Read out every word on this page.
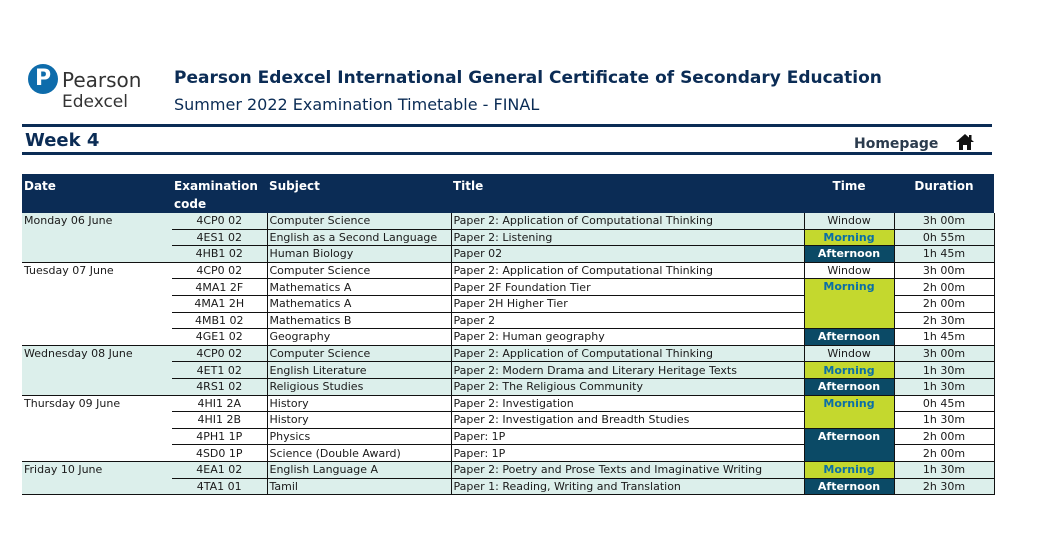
P Pearson
Edexcel
Pearson Edexcel International General Certificate of Secondary Education
Summer 2022 Examination Timetable - FINAL
Week 4	Homepage
Date	Examination code	Subject	Title	Time	Duration
Monday 06 June	4CP0 02	Computer Science	Paper 2: Application of Computational Thinking	Window	3h 00m
	4ES1 02	English as a Second Language	Paper 2: Listening	Morning	0h 55m
	4HB1 02	Human Biology	Paper 02	Afternoon	1h 45m
Tuesday 07 June	4CP0 02	Computer Science	Paper 2: Application of Computational Thinking	Window	3h 00m
	4MA1 2F	Mathematics A	Paper 2F Foundation Tier	Morning	2h 00m
	4MA1 2H	Mathematics A	Paper 2H Higher Tier		2h 00m
	4MB1 02	Mathematics B	Paper 2		2h 30m
	4GE1 02	Geography	Paper 2: Human geography	Afternoon	1h 45m
Wednesday 08 June	4CP0 02	Computer Science	Paper 2: Application of Computational Thinking	Window	3h 00m
	4ET1 02	English Literature	Paper 2: Modern Drama and Literary Heritage Texts	Morning	1h 30m
	4RS1 02	Religious Studies	Paper 2: The Religious Community	Afternoon	1h 30m
Thursday 09 June	4HI1 2A	History	Paper 2: Investigation	Morning	0h 45m
	4HI1 2B	History	Paper 2: Investigation and Breadth Studies		1h 30m
	4PH1 1P	Physics	Paper: 1P	Afternoon	2h 00m
	4SD0 1P	Science (Double Award)	Paper: 1P		2h 00m
Friday 10 June	4EA1 02	English Language A	Paper 2: Poetry and Prose Texts and Imaginative Writing	Morning	1h 30m
	4TA1 01	Tamil	Paper 1: Reading, Writing and Translation	Afternoon	2h 30m
